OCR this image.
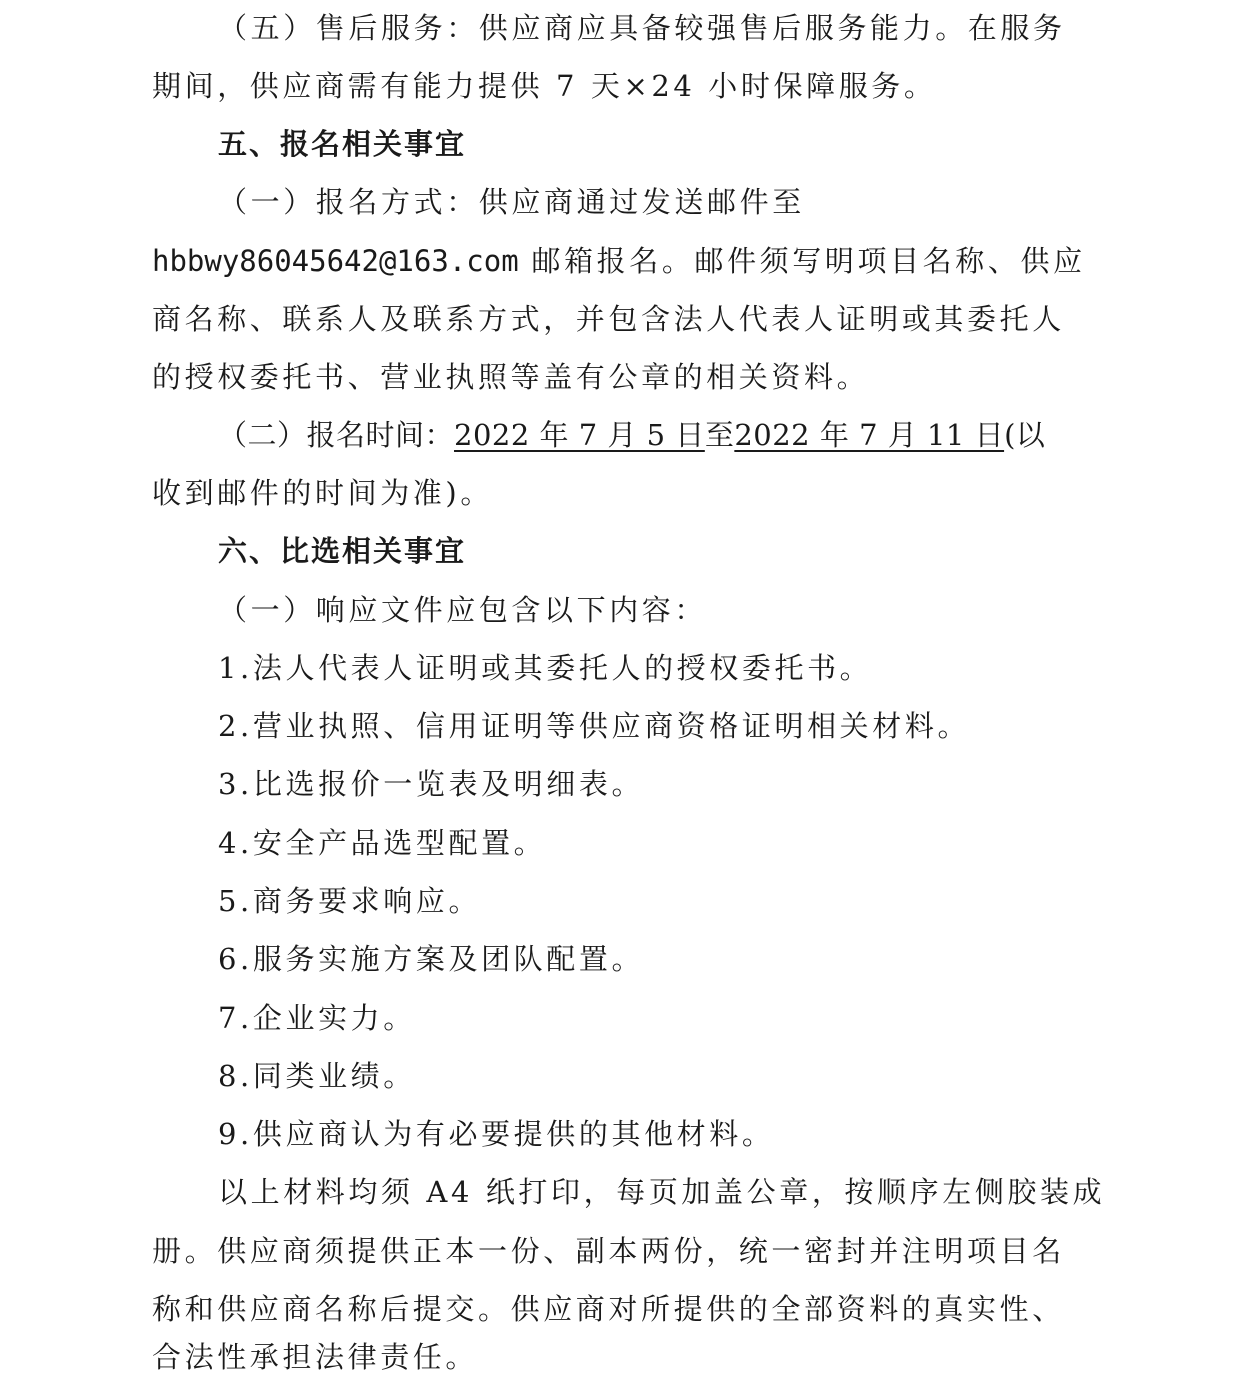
（五）售后服务：供应商应具备较强售后服务能力。在服务
期间，供应商需有能力提供 7 天×24 小时保障服务。
五、报名相关事宜
（一）报名方式：供应商通过发送邮件至
hbbwy86045642@163.com 邮箱报名。邮件须写明项目名称、供应
商名称、联系人及联系方式，并包含法人代表人证明或其委托人
的授权委托书、营业执照等盖有公章的相关资料。
（二）报名时间：2022 年 7 月 5 日至2022 年 7 月 11 日(以
收到邮件的时间为准)。
六、比选相关事宜
（一）响应文件应包含以下内容：
1.法人代表人证明或其委托人的授权委托书。
2.营业执照、信用证明等供应商资格证明相关材料。
3.比选报价一览表及明细表。
4.安全产品选型配置。
5.商务要求响应。
6.服务实施方案及团队配置。
7.企业实力。
8.同类业绩。
9.供应商认为有必要提供的其他材料。
以上材料均须 A4 纸打印，每页加盖公章，按顺序左侧胶装成
册。供应商须提供正本一份、副本两份，统一密封并注明项目名
称和供应商名称后提交。供应商对所提供的全部资料的真实性、
合法性承担法律责任。
